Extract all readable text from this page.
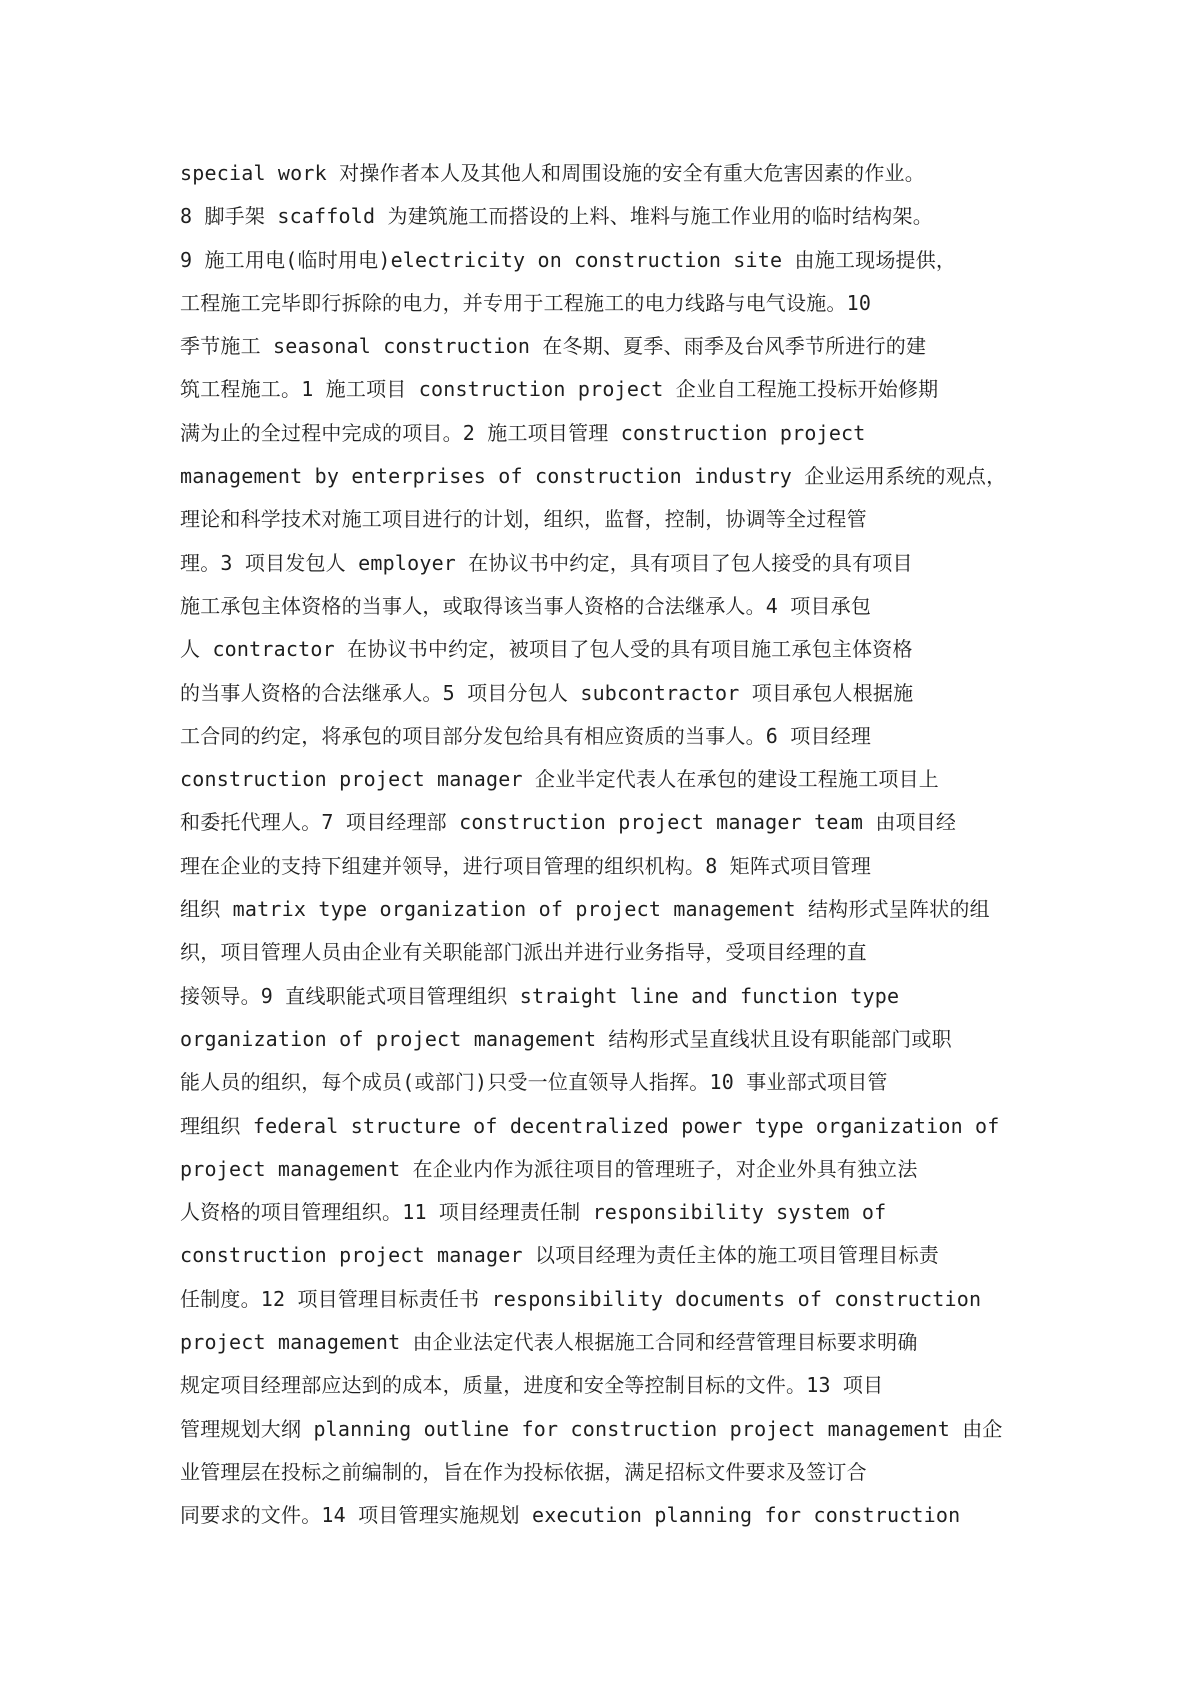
special work 对操作者本人及其他人和周围设施的安全有重大危害因素的作业。
8 脚手架 scaffold 为建筑施工而搭设的上料、堆料与施工作业用的临时结构架。
9 施工用电(临时用电)electricity on construction site 由施工现场提供，
工程施工完毕即行拆除的电力，并专用于工程施工的电力线路与电气设施。10
季节施工 seasonal construction 在冬期、夏季、雨季及台风季节所进行的建
筑工程施工。1 施工项目 construction project 企业自工程施工投标开始修期
满为止的全过程中完成的项目。2 施工项目管理 construction project
management by enterprises of construction industry 企业运用系统的观点，
理论和科学技术对施工项目进行的计划，组织，监督，控制，协调等全过程管
理。3 项目发包人 employer 在协议书中约定，具有项目了包人接受的具有项目
施工承包主体资格的当事人，或取得该当事人资格的合法继承人。4 项目承包
人 contractor 在协议书中约定，被项目了包人受的具有项目施工承包主体资格
的当事人资格的合法继承人。5 项目分包人 subcontractor 项目承包人根据施
工合同的约定，将承包的项目部分发包给具有相应资质的当事人。6 项目经理
construction project manager 企业半定代表人在承包的建设工程施工项目上
和委托代理人。7 项目经理部 construction project manager team 由项目经
理在企业的支持下组建并领导，进行项目管理的组织机构。8 矩阵式项目管理
组织 matrix type organization of project management 结构形式呈阵状的组
织，项目管理人员由企业有关职能部门派出并进行业务指导，受项目经理的直
接领导。9 直线职能式项目管理组织 straight line and function type
organization of project management 结构形式呈直线状且设有职能部门或职
能人员的组织，每个成员(或部门)只受一位直领导人指挥。10 事业部式项目管
理组织 federal structure of decentralized power type organization of
project management 在企业内作为派往项目的管理班子，对企业外具有独立法
人资格的项目管理组织。11 项目经理责任制 responsibility system of
construction project manager 以项目经理为责任主体的施工项目管理目标责
任制度。12 项目管理目标责任书 responsibility documents of construction
project management 由企业法定代表人根据施工合同和经营管理目标要求明确
规定项目经理部应达到的成本，质量，进度和安全等控制目标的文件。13 项目
管理规划大纲 planning outline for construction project management 由企
业管理层在投标之前编制的，旨在作为投标依据，满足招标文件要求及签订合
同要求的文件。14 项目管理实施规划 execution planning for construction
